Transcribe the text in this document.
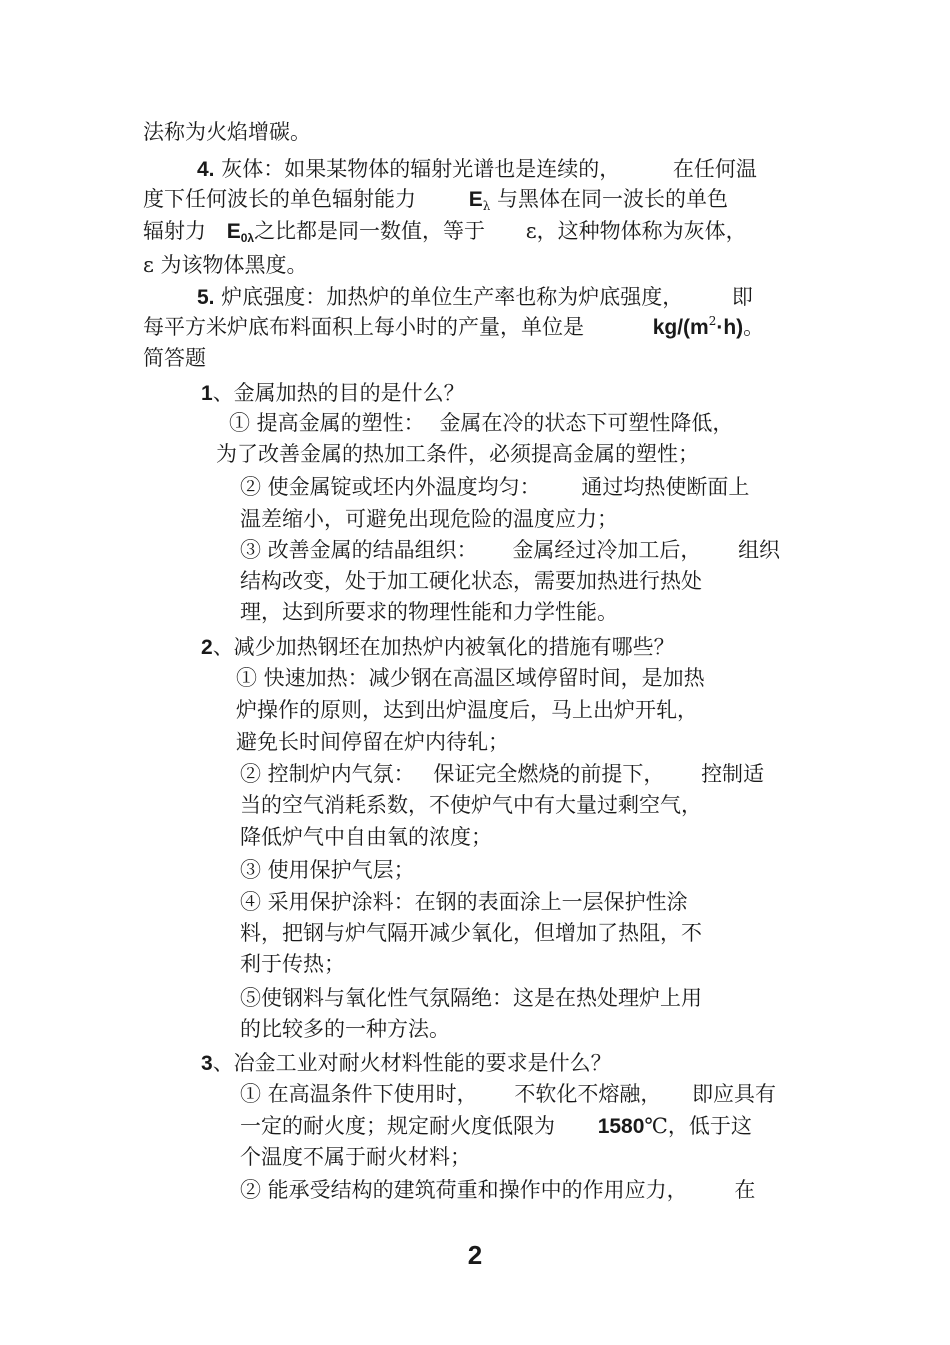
法称为火焰增碳。
4. 灰体：如果某物体的辐射光谱也是连续的，	在任何温
度下任何波长的单色辐射能力	Eλ 与黑体在同一波长的单色
辐射力 E0λ之比都是同一数值，等于 ε，这种物体称为灰体，
ε 为该物体黑度。
5. 炉底强度：加热炉的单位生产率也称为炉底强度， 即
每平方米炉底布料面积上每小时的产量，单位是	$kg/(m^2\cdot h)$。
简答题
1、金属加热的目的是什么？
① 提高金属的塑性： 金属在冷的状态下可塑性降低，
为了改善金属的热加工条件，必须提高金属的塑性；
② 使金属锭或坯内外温度均匀： 通过均热使断面上
温差缩小，可避免出现危险的温度应力；
③ 改善金属的结晶组织： 金属经过冷加工后， 组织
结构改变，处于加工硬化状态，需要加热进行热处
理，达到所要求的物理性能和力学性能。
2、减少加热钢坯在加热炉内被氧化的措施有哪些？
① 快速加热：减少钢在高温区域停留时间，是加热
炉操作的原则，达到出炉温度后，马上出炉开轧，
避免长时间停留在炉内待轧；
② 控制炉内气氛： 保证完全燃烧的前提下， 控制适
当的空气消耗系数，不使炉气中有大量过剩空气，
降低炉气中自由氧的浓度；
③ 使用保护气层；
④ 采用保护涂料：在钢的表面涂上一层保护性涂
料，把钢与炉气隔开减少氧化，但增加了热阻，不
利于传热；
⑤使钢料与氧化性气氛隔绝：这是在热处理炉上用
的比较多的一种方法。
3、冶金工业对耐火材料性能的要求是什么？
① 在高温条件下使用时， 不软化不熔融， 即应具有
一定的耐火度；规定耐火度低限为 1580℃，低于这
个温度不属于耐火材料；
② 能承受结构的建筑荷重和操作中的作用应力， 在
2
